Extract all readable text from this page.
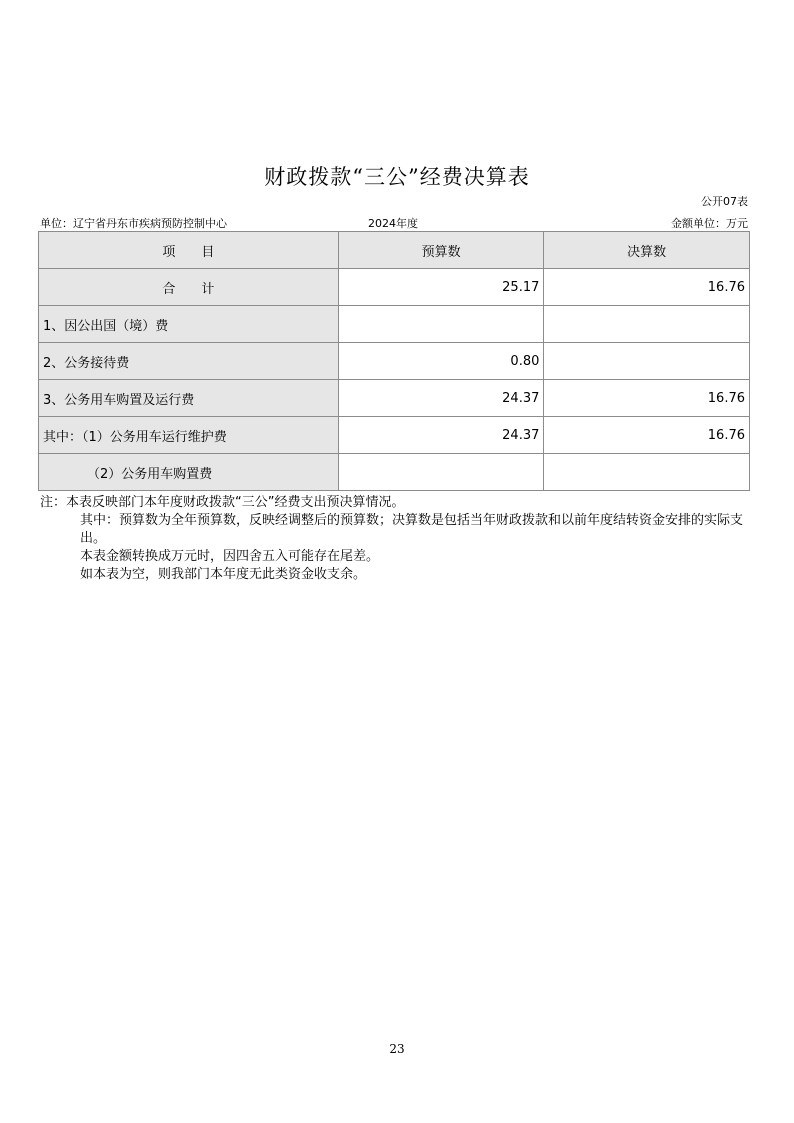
财政拨款“三公”经费决算表
公开07表
单位：辽宁省丹东市疾病预防控制中心	2024年度	金额单位：万元
项　　目	预算数	决算数
合　　计	25.17	16.76
1、因公出国（境）费		
2、公务接待费	0.80	
3、公务用车购置及运行费	24.37	16.76
其中：（1）公务用车运行维护费	24.37	16.76
（2）公务用车购置费		

注：本表反映部门本年度财政拨款“三公”经费支出预决算情况。

其中：预算数为全年预算数，反映经调整后的预算数；决算数是包括当年财政拨款和以前年度结转资金安排的实际支出。

本表金额转换成万元时，因四舍五入可能存在尾差。

如本表为空，则我部门本年度无此类资金收支余。

23
